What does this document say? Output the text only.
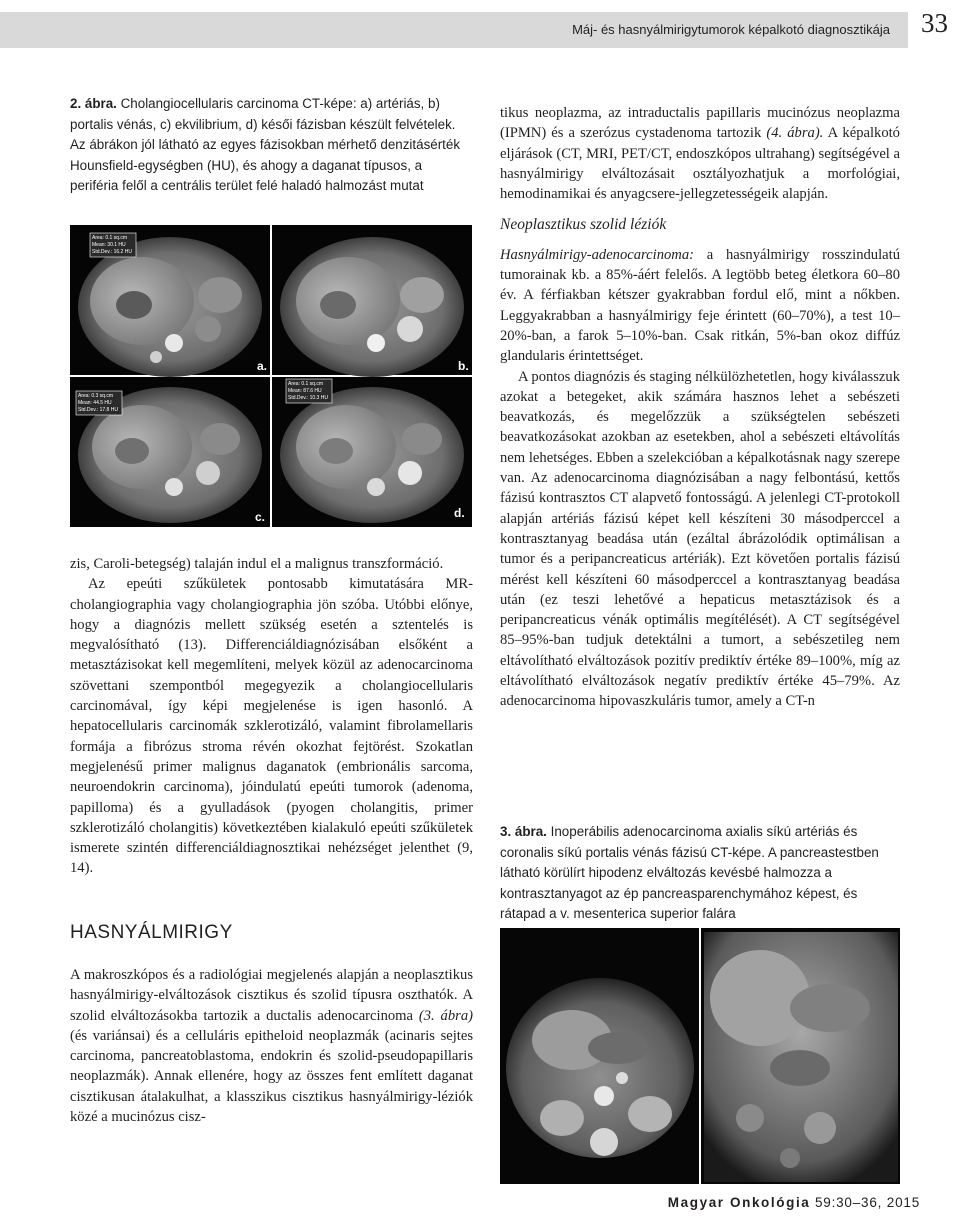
Máj- és hasnyálmirigytumorok képalkotó diagnosztikája 33
2. ábra. Cholangiocellularis carcinoma CT-képe: a) artériás, b) portalis vénás, c) ekvilibrium, d) késői fázisban készült felvételek. Az ábrákon jól látható az egyes fázisokban mérhető denzitásérték Hounsfield-egységben (HU), és ahogy a daganat típusos, a periféria felől a centrális terület felé haladó halmozást mutat
Area: 0.1 sq.cm
Mean: 30.1 HU
Std.Dev.: 16.2 HU
Area: 0.1 sq.cm
Mean: 87.6 HU
Std.Dev.: 10.3 HU
Area: 0.3 sq.cm
Mean: 44.5 HU
Std.Dev.: 17.8 HU
a.	b.
c.	d.

zis, Caroli-betegség) talaján indul el a malignus transzformáció.

Az epeúti szűkületek pontosabb kimutatására MR-cholangiographia vagy cholangiographia jön szóba. Utóbbi előnye, hogy a diagnózis mellett szükség esetén a sztentelés is megvalósítható (13). Differenciáldiagnózisában elsőként a metasztázisokat kell megemlíteni, melyek közül az adenocarcinoma szövettani szempontból megegyezik a cholangiocellularis carcinomával, így képi megjelenése is igen hasonló. A hepatocellularis carcinomák szklerotizáló, valamint fibrolamellaris formája a fibrózus stroma révén okozhat fejtörést. Szokatlan megjelenésű primer malignus daganatok (embrionális sarcoma, neuroendokrin carcinoma), jóindulatú epeúti tumorok (adenoma, papilloma) és a gyulladások (pyogen cholangitis, primer szklerotizáló cholangitis) következtében kialakuló epeúti szűkületek ismerete szintén differenciáldiagnosztikai nehézséget jelenthet (9, 14).

HASNYÁLMIRIGY

A makroszkópos és a radiológiai megjelenés alapján a neoplasztikus hasnyálmirigy-elváltozások cisztikus és szolid típusra oszthatók. A szolid elváltozásokba tartozik a ductalis adenocarcinoma (3. ábra) (és variánsai) és a celluláris epitheloid neoplazmák (acinaris sejtes carcinoma, pancreatoblastoma, endokrin és szolid-pseudopapillaris neoplazmák). Annak ellenére, hogy az összes fent említett daganat cisztikusan átalakulhat, a klasszikus cisztikus hasnyálmirigy-léziók közé a mucinózus cisz-

tikus neoplazma, az intraductalis papillaris mucinózus neoplazma (IPMN) és a szerózus cystadenoma tartozik (4. ábra). A képalkotó eljárások (CT, MRI, PET/CT, endoszkópos ultrahang) segítségével a hasnyálmirigy elváltozásait osztályozhatjuk a morfológiai, hemodinamikai és anyagcsere-jellegzetességeik alapján.

Neoplasztikus szolid léziók

Hasnyálmirigy-adenocarcinoma: a hasnyálmirigy rosszindulatú tumorainak kb. a 85%-áért felelős. A legtöbb beteg életkora 60–80 év. A férfiakban kétszer gyakrabban fordul elő, mint a nőkben. Leggyakrabban a hasnyálmirigy feje érintett (60–70%), a test 10–20%-ban, a farok 5–10%-ban. Csak ritkán, 5%-ban okoz diffúz glandularis érintettséget.

A pontos diagnózis és staging nélkülözhetetlen, hogy kiválasszuk azokat a betegeket, akik számára hasznos lehet a sebészeti beavatkozás, és megelőzzük a szükségtelen sebészeti beavatkozásokat azokban az esetekben, ahol a sebészeti eltávolítás nem lehetséges. Ebben a szelekcióban a képalkotásnak nagy szerepe van. Az adenocarcinoma diagnózisában a nagy felbontású, kettős fázisú kontrasztos CT alapvető fontosságú. A jelenlegi CT-protokoll alapján artériás fázisú képet kell készíteni 30 másodperccel a kontrasztanyag beadása után (ezáltal ábrázolódik optimálisan a tumor és a peripancreaticus artériák). Ezt követően portalis fázisú mérést kell készíteni 60 másodperccel a kontrasztanyag beadása után (ez teszi lehetővé a hepaticus metasztázisok és a peripancreaticus vénák optimális megítélését). A CT segítségével 85–95%-ban tudjuk detektálni a tumort, a sebészetileg nem eltávolítható elváltozások pozitív prediktív értéke 89–100%, míg az eltávolítható elváltozások negatív prediktív értéke 45–79%. Az adenocarcinoma hipovaszkuláris tumor, amely a CT-n

3. ábra. Inoperábilis adenocarcinoma axialis síkú artériás és coronalis síkú portalis vénás fázisú CT-képe. A pancreastestben látható körülírt hipodenz elváltozás kevésbé halmozza a kontrasztanyagot az ép pancreasparenchymához képest, és rátapad a v. mesenterica superior falára
Magyar Onkológia 59:30–36, 2015
